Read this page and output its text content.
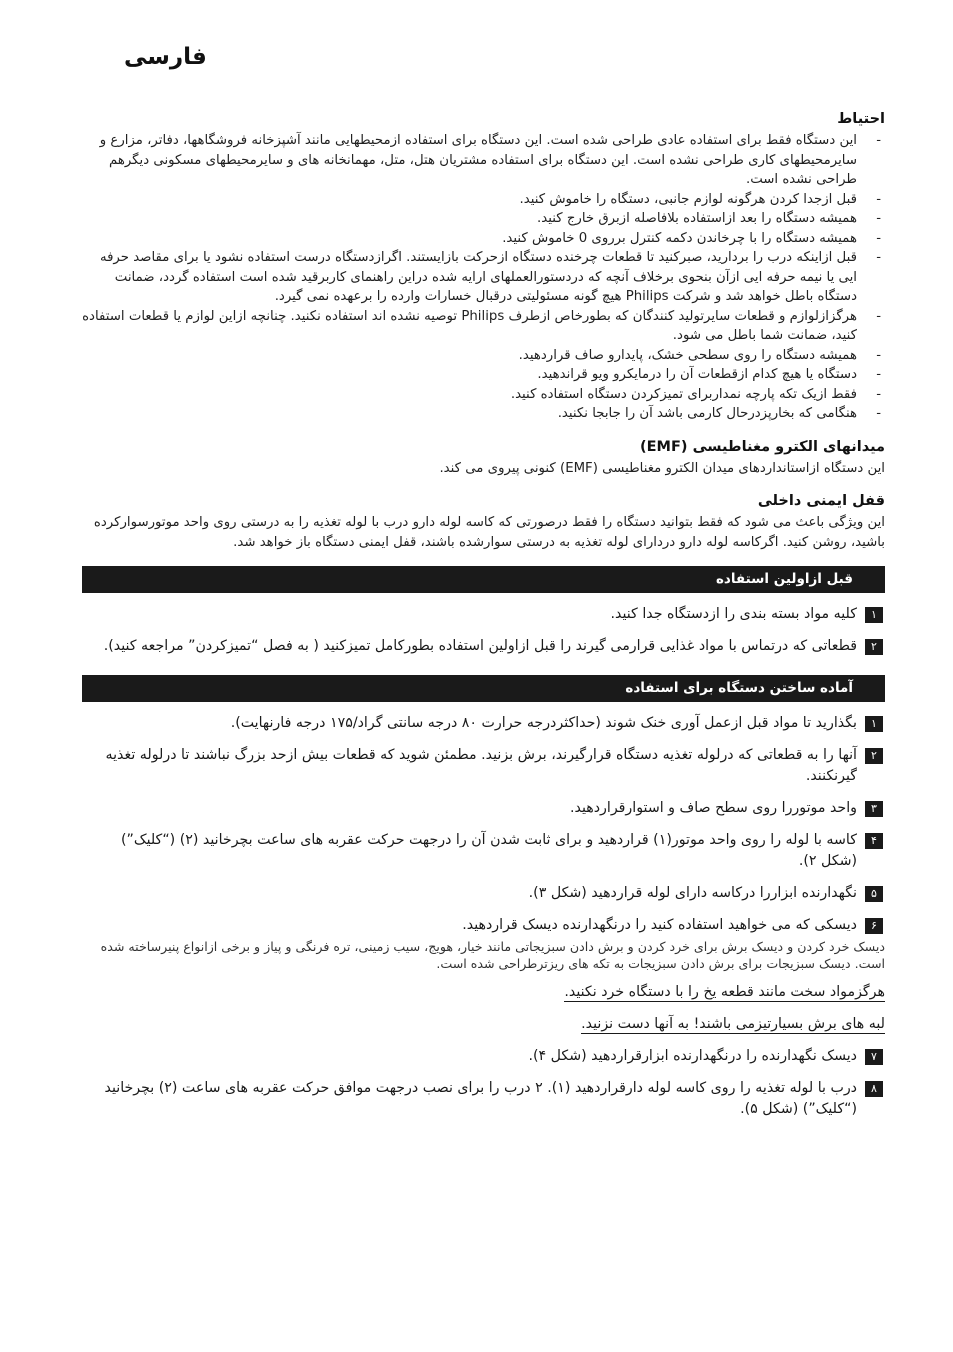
فارسی
احتیاط
-
این دستگاه فقط برای استفاده عادی طراحی شده است. این دستگاه برای استفاده ازمحیطهایی مانند آشپزخانه فروشگاهها، دفاتر، مزارع و سایرمحیطهای کاری طراحی نشده است. این دستگاه برای استفاده مشتریان هتل، متل، مهمانخانه های و سایرمحیطهای مسکونی دیگرهم طراحی نشده است.
-
قبل ازجدا کردن هرگونه لوازم جانبی، دستگاه را خاموش کنید.
-
همیشه دستگاه را بعد ازاستفاده بلافاصله ازبرق خارج کنید.
-
همیشه دستگاه را با چرخاندن دکمه کنترل برروی 0 خاموش کنید.
-
قبل ازاینکه درب را بردارید، صبرکنید تا قطعات چرخنده دستگاه ازحرکت بازایستند. اگرازدستگاه درست استفاده نشود یا برای مقاصد حرفه ایی یا نیمه حرفه ایی ازآن بنحوی برخلاف آنچه که دردستورالعملهای ارایه شده دراین راهنمای کاربرقید شده است استفاده گردد، ضمانت دستگاه باطل خواهد شد و شرکت Philips هیچ گونه مسئولیتی درقبال خسارات وارده را برعهده نمی گیرد.
-
هرگزازلوازم و قطعات سایرتولید کنندگان که بطورخاص ازطرف Philips توصیه نشده اند استفاده نکنید. چنانچه ازاین لوازم یا قطعات استفاده کنید، ضمانت شما باطل می شود.
-
همیشه دستگاه را روی سطحی خشک، پایدارو صاف قراردهید.
-
دستگاه یا هیچ کدام ازقطعات آن را درمایکرو ویو قراندهید.
-
فقط ازیک تکه پارچه نمداربرای تمیزکردن دستگاه استفاده کنید.
-
هنگامی که بخارپزدرحال کارمی باشد آن را جابجا نکنید.
میدانهای الکترو مغناطیسی (EMF)

این دستگاه ازاستانداردهای میدان الکترو مغناطیسی (EMF) کنونی پیروی می کند.

قفل ایمنی داخلی

این ویژگی باعث می شود که فقط بتوانید دستگاه را فقط درصورتی که کاسه لوله دارو درب با لوله تغذیه را به درستی روی واحد موتورسوارکرده باشید، روشن کنید. اگرکاسه لوله دارو دردارای لوله تغذیه به درستی سوارشده باشند، قفل ایمنی دستگاه باز خواهد شد.

قبل ازاولین استفاده
۱
کلیه مواد بسته بندی را ازدستگاه جدا کنید.
۲
قطعاتی که درتماس با مواد غذایی قرارمی گیرند را قبل ازاولین استفاده بطورکامل تمیزکنید ( به فصل “تمیزکردن” مراجعه کنید).
آماده ساختن دستگاه برای استفاده
۱
بگذارید تا مواد قبل ازعمل آوری خنک شوند (حداکثردرجه حرارت ۸۰ درجه سانتی گراد/۱۷۵ درجه فارنهایت).
۲
آنها را به قطعاتی که درلوله تغذیه دستگاه قرارگیرند، برش بزنید. مطمئن شوید که قطعات بیش ازحد بزرگ نباشند تا درلوله تغذیه گیرنکنند.
۳
واحد موتوررا روی سطح صاف و استوارقراردهید.
۴
کاسه با لوله را روی واحد موتور(۱) قراردهید و برای ثابت شدن آن را درجهت حرکت عقربه های ساعت بچرخانید (۲) (“کلیک”) (شکل ۲).
۵
نگهدارنده ابزاررا درکاسه دارای لوله قراردهید (شکل ۳).
۶
دیسکی که می خواهید استفاده کنید را درنگهدارنده دیسک قراردهید.

دیسک خرد کردن و دیسک برش برای خرد کردن و برش دادن سبزیجاتی مانند خیار، هویج، سیب زمینی، تره فرنگی و پیاز و برخی ازانواع پنیرساخته شده است. دیسک سبزیجات برای برش دادن سبزیجات به تکه های ریزترطراحی شده است.

هرگزمواد سخت مانند قطعه یخ را با دستگاه خرد نکنید.
لبه های برش بسیارتیزمی باشند! به آنها دست نزنید.
۷
دیسک نگهدارنده را درنگهدارنده ابزارقراردهید (شکل ۴).
۸
درب با لوله تغذیه را روی کاسه لوله دارقراردهید (۱). ۲ درب را برای نصب درجهت موافق حرکت عقربه های ساعت (۲) بچرخانید (“کلیک”) (شکل ۵).
